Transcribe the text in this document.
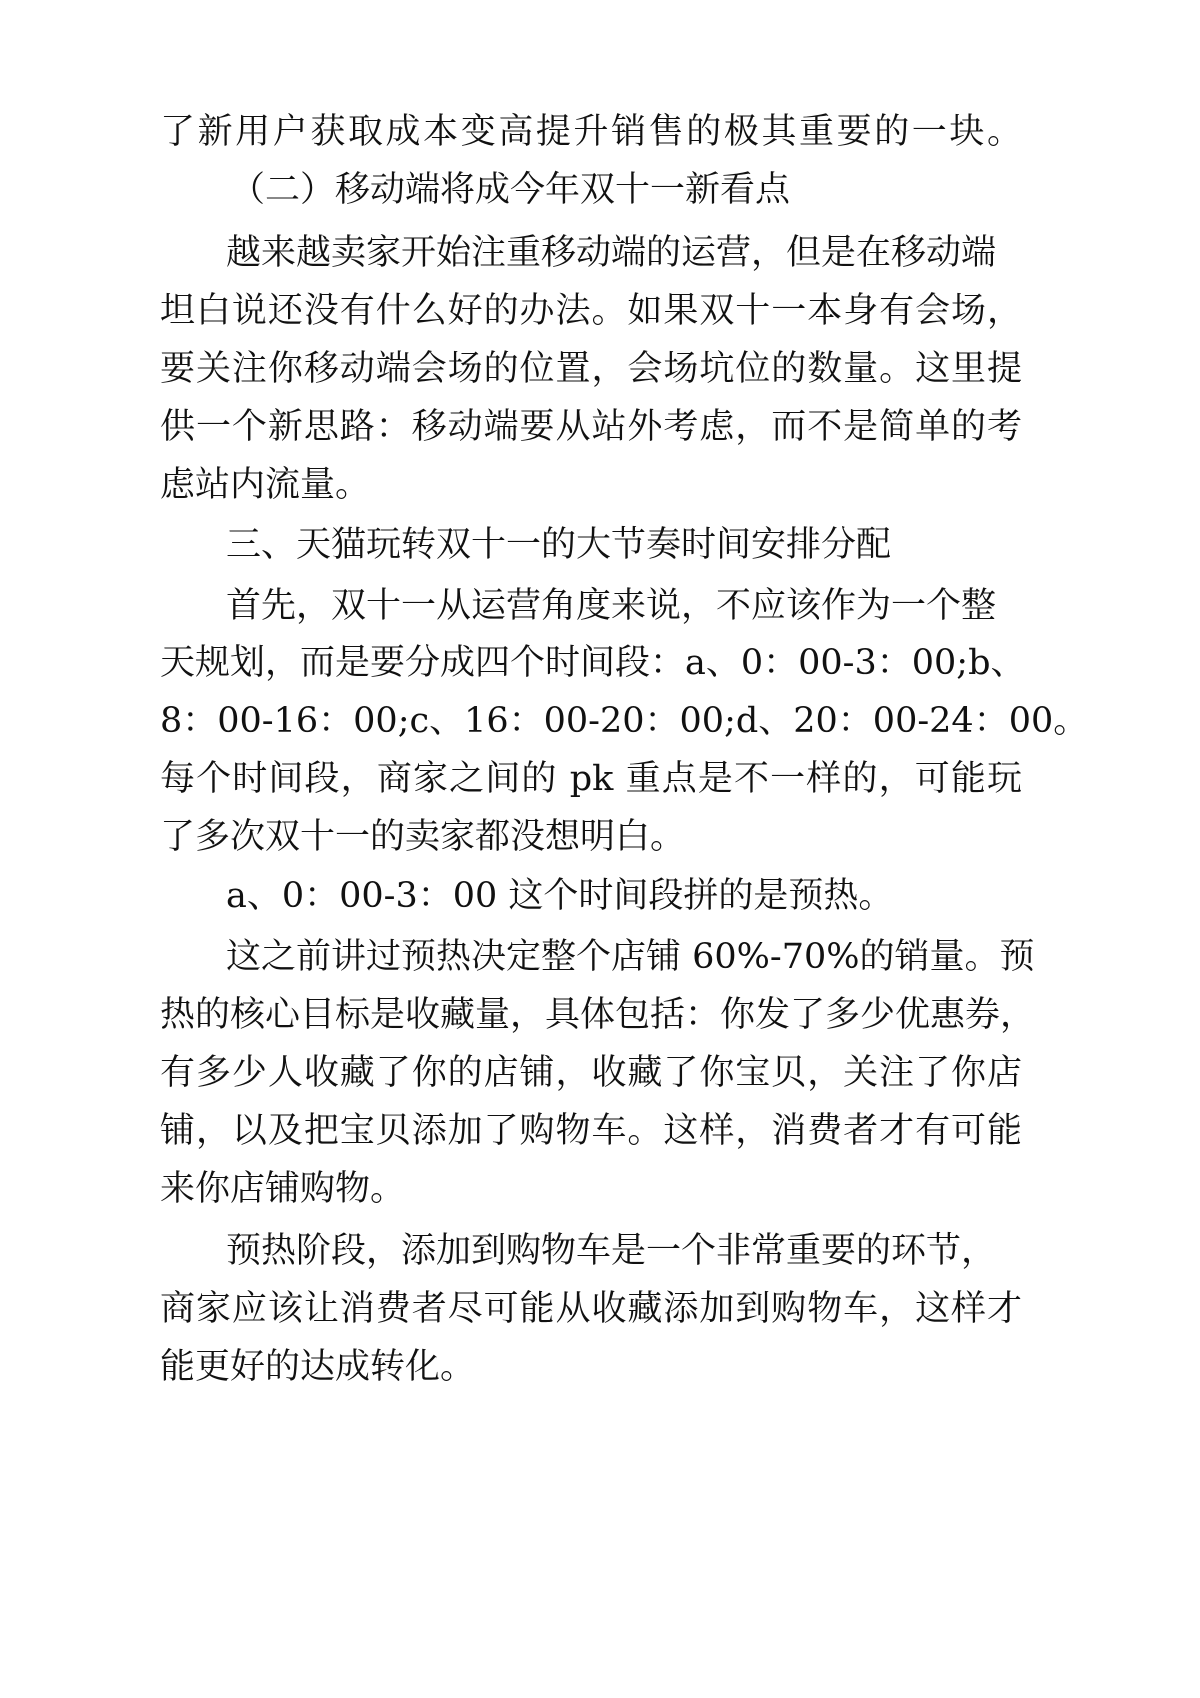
了新用户获取成本变高提升销售的极其重要的一块。
（二）移动端将成今年双十一新看点
越来越卖家开始注重移动端的运营，但是在移动端
坦白说还没有什么好的办法。如果双十一本身有会场，
要关注你移动端会场的位置，会场坑位的数量。这里提
供一个新思路：移动端要从站外考虑，而不是简单的考
虑站内流量。
三、天猫玩转双十一的大节奏时间安排分配
首先，双十一从运营角度来说，不应该作为一个整
天规划，而是要分成四个时间段：a、0：00-3：00;b、
8：00-16：00;c、16：00-20：00;d、20：00-24：00。
每个时间段，商家之间的 pk 重点是不一样的，可能玩
了多次双十一的卖家都没想明白。
a、0：00-3：00 这个时间段拼的是预热。
这之前讲过预热决定整个店铺 60%-70%的销量。预
热的核心目标是收藏量，具体包括：你发了多少优惠券，
有多少人收藏了你的店铺，收藏了你宝贝，关注了你店
铺，以及把宝贝添加了购物车。这样，消费者才有可能
来你店铺购物。
预热阶段，添加到购物车是一个非常重要的环节，
商家应该让消费者尽可能从收藏添加到购物车，这样才
能更好的达成转化。
